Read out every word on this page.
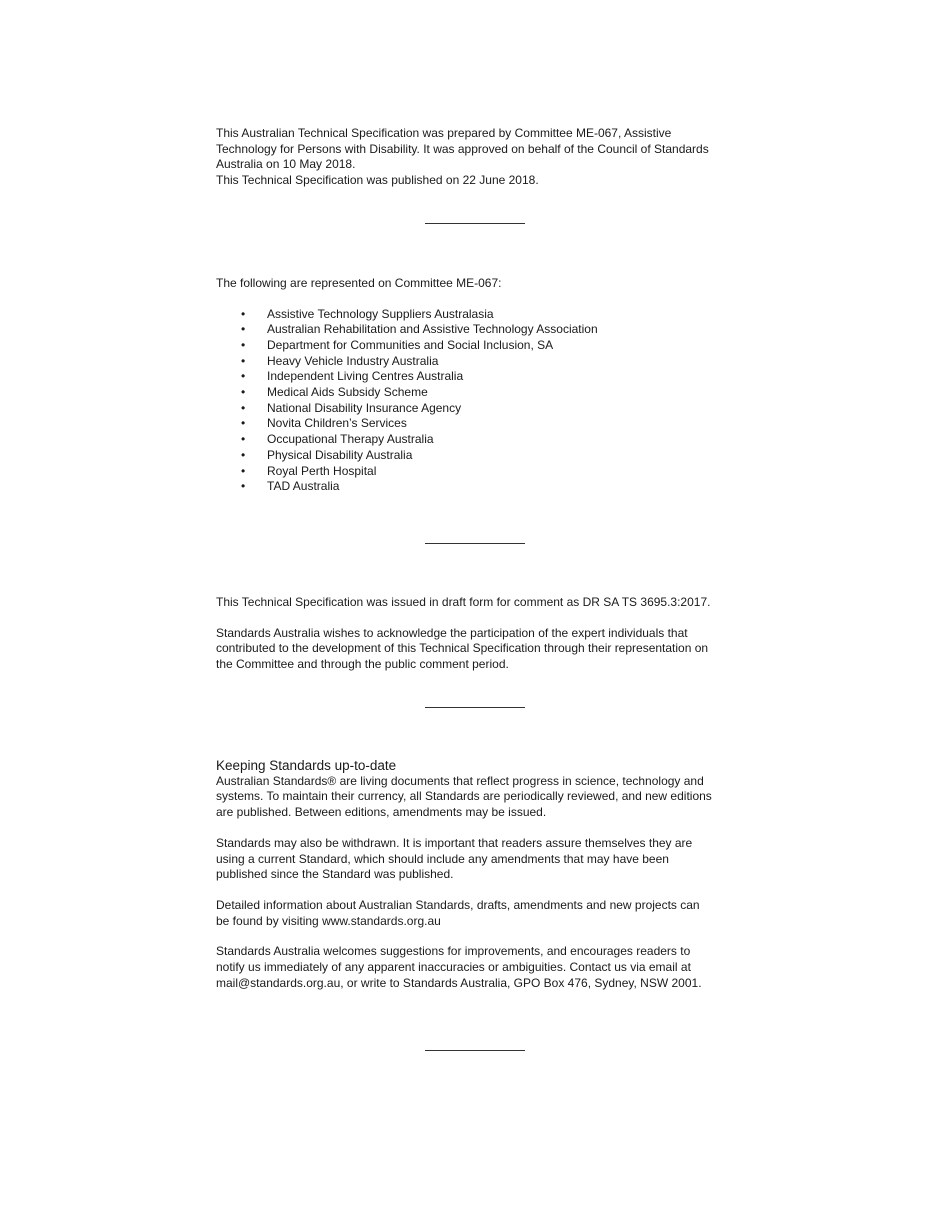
This Australian Technical Specification was prepared by Committee ME-067, Assistive

Technology for Persons with Disability. It was approved on behalf of the Council of Standards

Australia on 10 May 2018.

This Technical Specification was published on 22 June 2018.

The following are represented on Committee ME-067:

• Assistive Technology Suppliers Australasia
• Australian Rehabilitation and Assistive Technology Association
• Department for Communities and Social Inclusion, SA
• Heavy Vehicle Industry Australia
• Independent Living Centres Australia
• Medical Aids Subsidy Scheme
• National Disability Insurance Agency
• Novita Children’s Services
• Occupational Therapy Australia
• Physical Disability Australia
• Royal Perth Hospital
• TAD Australia

This Technical Specification was issued in draft form for comment as DR SA TS 3695.3:2017.

Standards Australia wishes to acknowledge the participation of the expert individuals that

contributed to the development of this Technical Specification through their representation on

the Committee and through the public comment period.

Keeping Standards up-to-date

Australian Standards® are living documents that reflect progress in science, technology and

systems. To maintain their currency, all Standards are periodically reviewed, and new editions

are published. Between editions, amendments may be issued.

Standards may also be withdrawn. It is important that readers assure themselves they are

using a current Standard, which should include any amendments that may have been

published since the Standard was published.

Detailed information about Australian Standards, drafts, amendments and new projects can

be found by visiting www.standards.org.au

Standards Australia welcomes suggestions for improvements, and encourages readers to

notify us immediately of any apparent inaccuracies or ambiguities. Contact us via email at

mail@standards.org.au, or write to Standards Australia, GPO Box 476, Sydney, NSW 2001.
